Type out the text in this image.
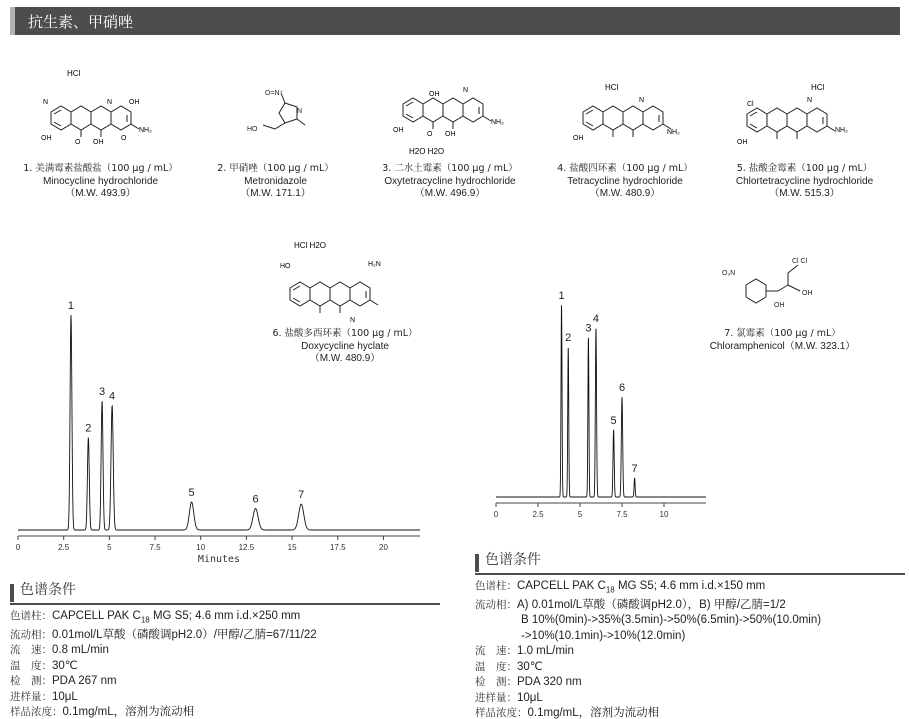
抗生素、甲硝唑
HCl
N	N
OH
O OH
O
NH₂
OH
O=N⁺
HO
N
OH
N
OH
O OH
NH₂
H2O H2O
HCl
N
OH
NH₂
HCl
Cl
N
OH
NH₂
HCl H2O
HO	H₂N
N
O₂N
Cl Cl
OH
OH
1. 美满霉素盐酸盐（100 μg / mL）
Minocycline hydrochloride
（M.W. 493.9）
2. 甲硝唑（100 μg / mL）
Metronidazole
（M.W. 171.1）
3. 二水土霉素（100 μg / mL）
Oxytetracycline hydrochloride
（M.W. 496.9）
4. 盐酸四环素（100 μg / mL）
Tetracycline hydrochloride
（M.W. 480.9）
5. 盐酸金霉素（100 μg / mL）
Chlortetracycline hydrochloride
（M.W. 515.3）
6. 盐酸多西环素（100 μg / mL）
Doxycycline hyclate
（M.W. 480.9）
7. 氯霉素（100 μg / mL）
Chloramphenicol（M.W. 323.1）
0	2.5	5	7.5	10	12.5	15	17.5	20
1
2
3 4
5
6	7
Minutes
0	2.5	5	7.5	10
1
2
3
4
5
6
7
色谱条件
色谱柱：CAPCELL PAK $C_{18}$ MG S5; 4.6 mm i.d.×250 mm
流动相：0.01mol/L草酸（磷酸调pH2.0）/甲醇/乙腈=67/11/22
流　速：0.8 mL/min
温　度：30℃
检　测：PDA 267 nm
进样量：10μL
样品浓度：0.1mg/mL，溶剂为流动相
色谱条件
色谱柱：CAPCELL PAK $C_{18}$ MG S5; 4.6 mm i.d.×150 mm
流动相：A) 0.01mol/L草酸（磷酸调pH2.0），B) 甲醇/乙腈=1/2
B 10%(0min)->35%(3.5min)->50%(6.5min)->50%(10.0min)
->10%(10.1min)->10%(12.0min)
流　速：1.0 mL/min
温　度：30℃
检　测：PDA 320 nm
进样量：10μL
样品浓度：0.1mg/mL，溶剂为流动相
